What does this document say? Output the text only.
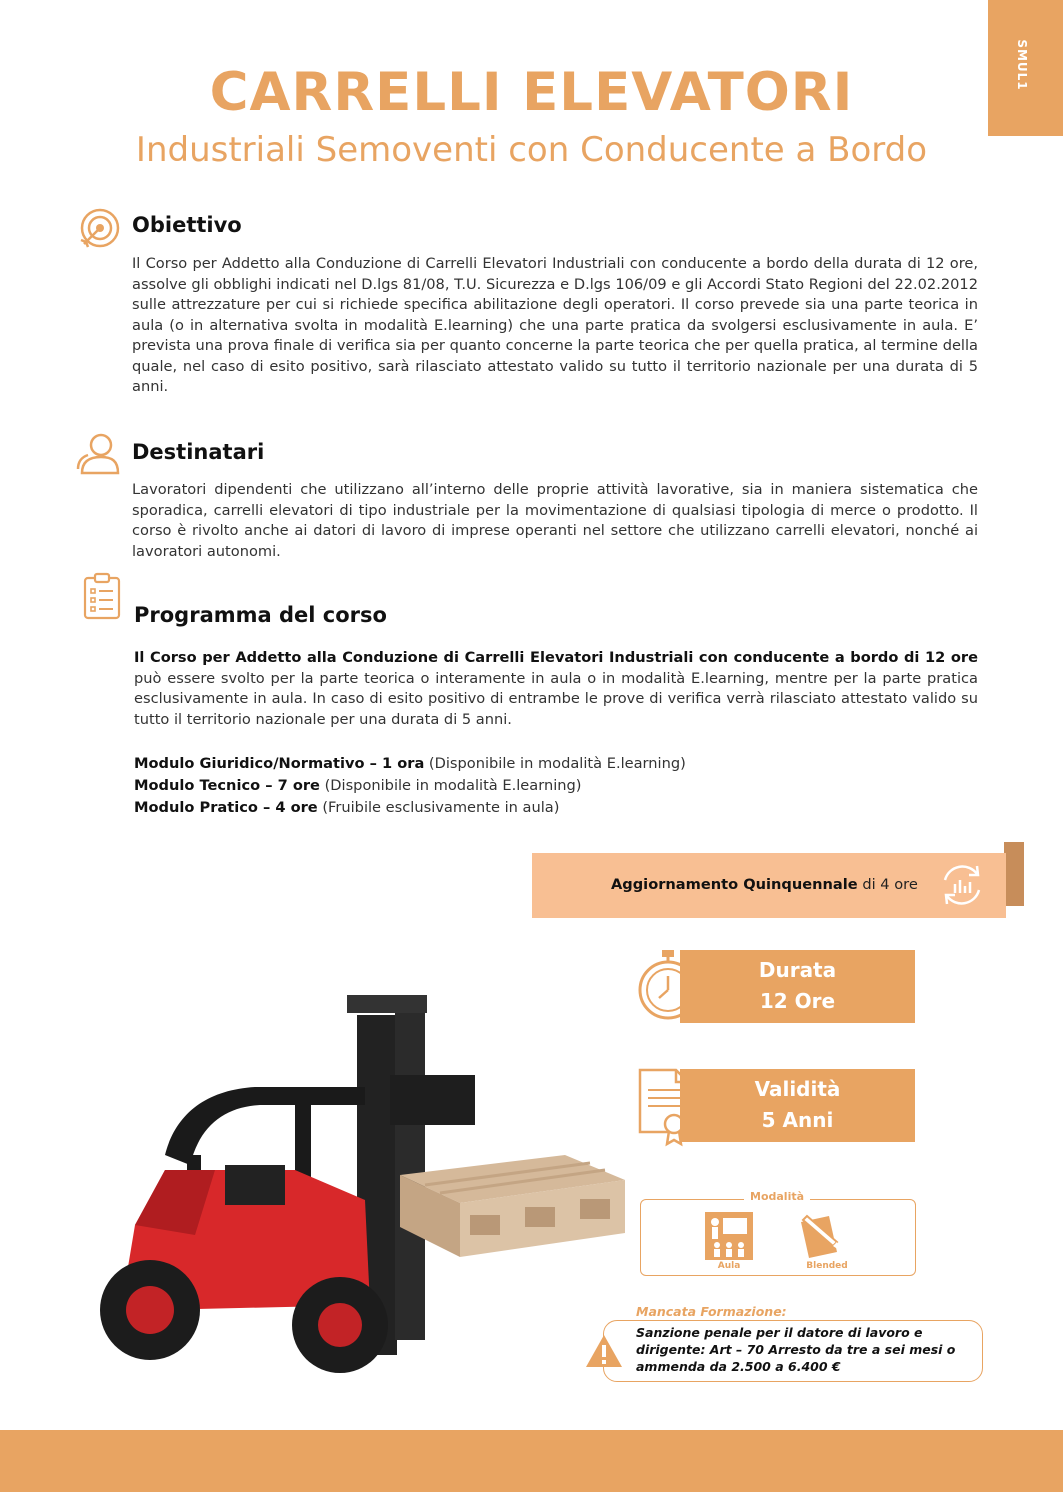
SMUL1
CARRELLI ELEVATORI
Industriali Semoventi con Conducente a Bordo
Obiettivo
Il Corso per Addetto alla Conduzione di Carrelli Elevatori Industriali con conducente a bordo della durata di 12 ore, assolve gli obblighi indicati nel D.lgs 81/08, T.U. Sicurezza e D.lgs 106/09 e gli Accordi Stato Regioni del 22.02.2012 sulle attrezzature per cui si richiede specifica abilitazione degli operatori. Il corso prevede sia una parte teorica in aula (o in alternativa svolta in modalità E.learning) che una parte pratica da svolgersi esclusivamente in aula. E’ prevista una prova finale di verifica sia per quanto concerne la parte teorica che per quella pratica, al termine della quale, nel caso di esito positivo, sarà rilasciato attestato valido su tutto il territorio nazionale per una durata di 5 anni.
Destinatari
Lavoratori dipendenti che utilizzano all’interno delle proprie attività lavorative, sia in maniera sistematica che sporadica, carrelli elevatori di tipo industriale per la movimentazione di qualsiasi tipologia di merce o prodotto. Il corso è rivolto anche ai datori di lavoro di imprese operanti nel settore che utilizzano carrelli elevatori, nonché ai lavoratori autonomi.
Programma del corso
Il Corso per Addetto alla Conduzione di Carrelli Elevatori Industriali con conducente a bordo di 12 ore può essere svolto per la parte teorica o interamente in aula o in modalità E.learning, mentre per la parte pratica esclusivamente in aula. In caso di esito positivo di entrambe le prove di verifica verrà rilasciato attestato valido su tutto il territorio nazionale per una durata di 5 anni.
Modulo Giuridico/Normativo – 1 ora (Disponibile in modalità E.learning)
Modulo Tecnico – 7 ore (Disponibile in modalità E.learning)
Modulo Pratico – 4 ore (Fruibile esclusivamente in aula)
Aggiornamento Quinquennale di 4 ore
Durata
12 Ore
Validità
5 Anni
Modalità
Aula	Blended
Mancata Formazione:
Sanzione penale per il datore di lavoro e dirigente: Art – 70 Arresto da tre a sei mesi o ammenda da 2.500 a 6.400 €
